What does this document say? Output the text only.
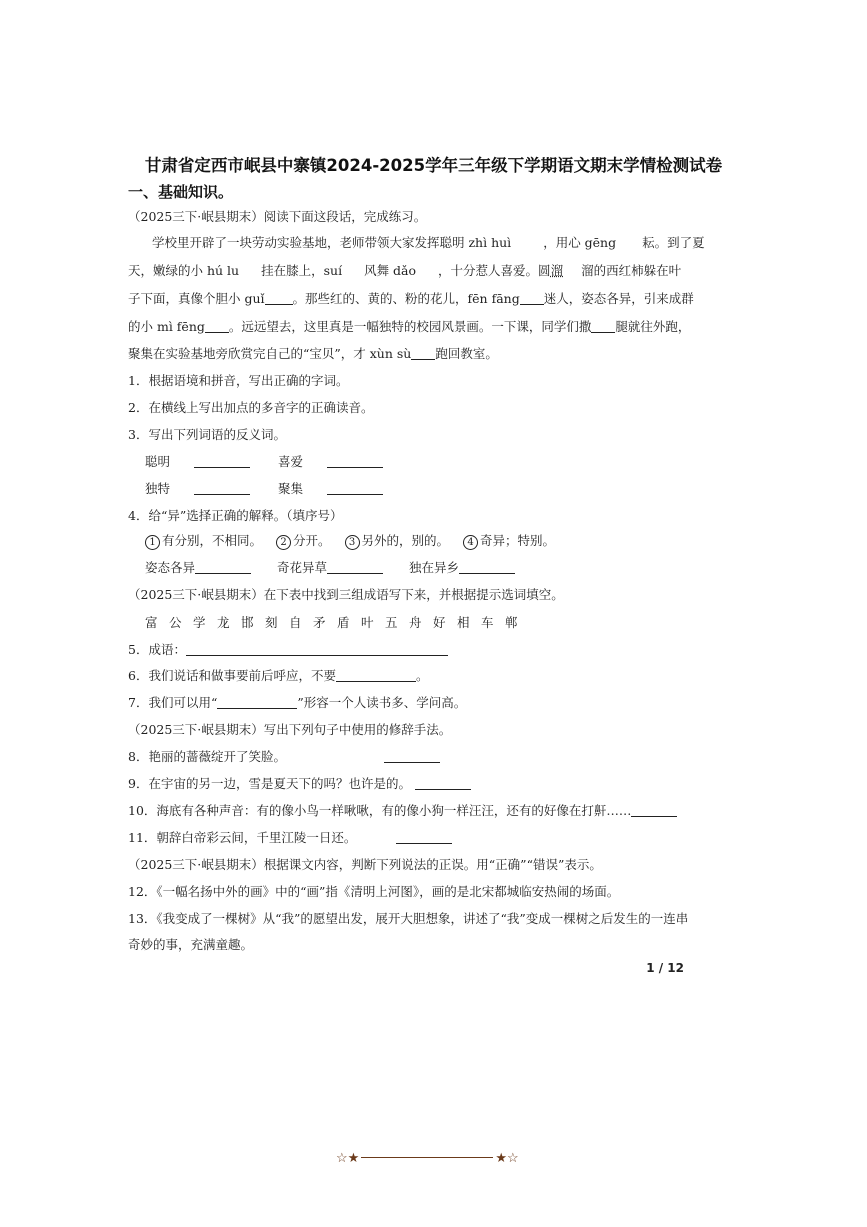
甘肃省定西市岷县中寨镇2024-2025学年三年级下学期语文期末学情检测试卷
一、基础知识。
（2025三下·岷县期末）阅读下面这段话，完成练习。
学校里开辟了一块劳动实验基地，老师带领大家发挥聪明 zhì huì	，用心 gēng 耘。到了夏
天，嫩绿的小 hú lu 挂在膝上，suí 风舞 dǎo ，十分惹人喜爱。圆溜 溜的西红柿躲在叶
子下面，真像个胆小 guǐ 。那些红的、黄的、粉的花儿，fēn fāng 迷人，姿态各异，引来成群
的小 mì fēng 。远远望去，这里真是一幅独特的校园风景画。一下课，同学们撒 腿就往外跑，
聚集在实验基地旁欣赏完自己的“宝贝”，才 xùn sù 跑回教室。
1．根据语境和拼音，写出正确的字词。
2．在横线上写出加点的多音字的正确读音。
3．写出下列词语的反义词。
聪明	喜爱
独特	聚集
4．给“异”选择正确的解释。（填序号）
1 有分别，不相同。 2 分开。 3 另外的，别的。 4 奇异；特别。
姿态各异	奇花异草	独在异乡
（2025三下·岷县期末）在下表中找到三组成语写下来，并根据提示选词填空。
富 公 学 龙 邯 刻 自 矛 盾 叶 五 舟 好 相 车 郸
5．成语：
6．我们说话和做事要前后呼应，不要	。
7．我们可以用“	”形容一个人读书多、学问高。
（2025三下·岷县期末）写出下列句子中使用的修辞手法。
8．艳丽的蔷薇绽开了笑脸。
9．在宇宙的另一边，雪是夏天下的吗？也许是的。
10．海底有各种声音：有的像小鸟一样啾啾，有的像小狗一样汪汪，还有的好像在打鼾……
11．朝辞白帝彩云间，千里江陵一日还。
（2025三下·岷县期末）根据课文内容，判断下列说法的正误。用“正确”“错误”表示。
12．《一幅名扬中外的画》中的“画”指《清明上河图》，画的是北宋都城临安热闹的场面。
13．《我变成了一棵树》从“我”的愿望出发，展开大胆想象，讲述了“我”变成一棵树之后发生的一连串
奇妙的事，充满童趣。
1 / 12
☆★	★☆
